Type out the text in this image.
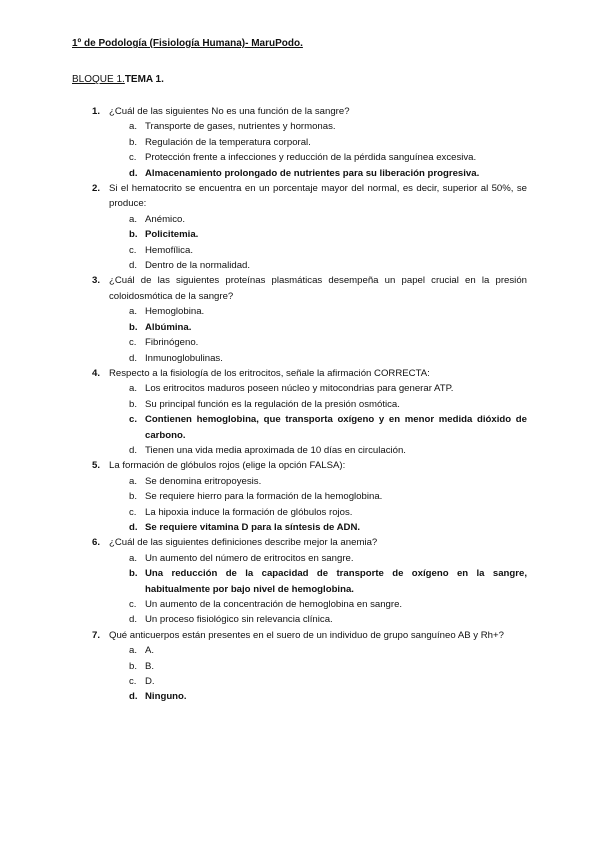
1º de Podología (Fisiología Humana)- MaruPodo.
BLOQUE 1.TEMA 1.
1. ¿Cuál de las siguientes No es una función de la sangre?
a. Transporte de gases, nutrientes y hormonas.
b. Regulación de la temperatura corporal.
c. Protección frente a infecciones y reducción de la pérdida sanguínea excesiva.
d. Almacenamiento prolongado de nutrientes para su liberación progresiva.
2. Si el hematocrito se encuentra en un porcentaje mayor del normal, es decir, superior al 50%, se produce:
a. Anémico.
b. Policitemia.
c. Hemofílica.
d. Dentro de la normalidad.
3. ¿Cuál de las siguientes proteínas plasmáticas desempeña un papel crucial en la presión coloidosmótica de la sangre?
a. Hemoglobina.
b. Albúmina.
c. Fibrinógeno.
d. Inmunoglobulinas.
4. Respecto a la fisiología de los eritrocitos, señale la afirmación CORRECTA:
a. Los eritrocitos maduros poseen núcleo y mitocondrias para generar ATP.
b. Su principal función es la regulación de la presión osmótica.
c. Contienen hemoglobina, que transporta oxígeno y en menor medida dióxido de carbono.
d. Tienen una vida media aproximada de 10 días en circulación.
5. La formación de glóbulos rojos (elige la opción FALSA):
a. Se denomina eritropoyesis.
b. Se requiere hierro para la formación de la hemoglobina.
c. La hipoxia induce la formación de glóbulos rojos.
d. Se requiere vitamina D para la síntesis de ADN.
6. ¿Cuál de las siguientes definiciones describe mejor la anemia?
a. Un aumento del número de eritrocitos en sangre.
b. Una reducción de la capacidad de transporte de oxígeno en la sangre, habitualmente por bajo nivel de hemoglobina.
c. Un aumento de la concentración de hemoglobina en sangre.
d. Un proceso fisiológico sin relevancia clínica.
7. Qué anticuerpos están presentes en el suero de un individuo de grupo sanguíneo AB y Rh+?
a. A.
b. B.
c. D.
d. Ninguno.
